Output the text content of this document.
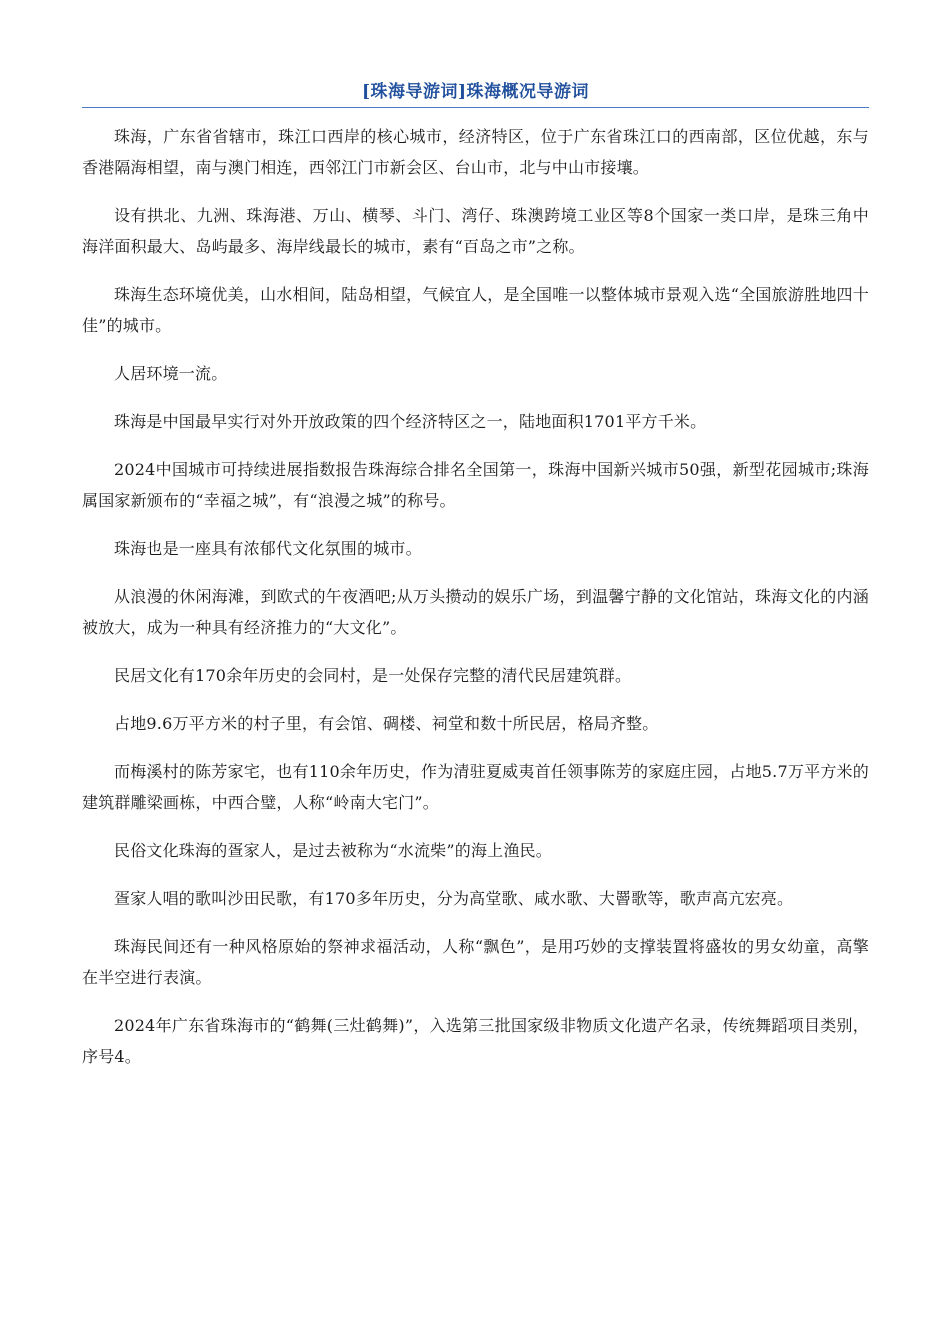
[珠海导游词]珠海概况导游词

珠海，广东省省辖市，珠江口西岸的核心城市，经济特区，位于广东省珠江口的西南部，区位优越，东与香港隔海相望，南与澳门相连，西邻江门市新会区、台山市，北与中山市接壤。

设有拱北、九洲、珠海港、万山、横琴、斗门、湾仔、珠澳跨境工业区等8个国家一类口岸，是珠三角中海洋面积最大、岛屿最多、海岸线最长的城市，素有“百岛之市”之称。

珠海生态环境优美，山水相间，陆岛相望，气候宜人，是全国唯一以整体城市景观入选“全国旅游胜地四十佳”的城市。

人居环境一流。

珠海是中国最早实行对外开放政策的四个经济特区之一，陆地面积1701平方千米。

2024中国城市可持续进展指数报告珠海综合排名全国第一，珠海中国新兴城市50强，新型花园城市;珠海属国家新颁布的“幸福之城”，有“浪漫之城”的称号。

珠海也是一座具有浓郁代文化氛围的城市。

从浪漫的休闲海滩，到欧式的午夜酒吧;从万头攒动的娱乐广场，到温馨宁静的文化馆站，珠海文化的内涵被放大，成为一种具有经济推力的“大文化”。

民居文化有170余年历史的会同村，是一处保存完整的清代民居建筑群。

占地9.6万平方米的村子里，有会馆、碉楼、祠堂和数十所民居，格局齐整。

而梅溪村的陈芳家宅，也有110余年历史，作为清驻夏威夷首任领事陈芳的家庭庄园，占地5.7万平方米的建筑群雕梁画栋，中西合璧，人称“岭南大宅门”。

民俗文化珠海的疍家人，是过去被称为“水流柴”的海上渔民。

疍家人唱的歌叫沙田民歌，有170多年历史，分为高堂歌、咸水歌、大罾歌等，歌声高亢宏亮。

珠海民间还有一种风格原始的祭神求福活动，人称“飘色”，是用巧妙的支撑装置将盛妆的男女幼童，高擎在半空进行表演。

2024年广东省珠海市的“鹤舞(三灶鹤舞)”，入选第三批国家级非物质文化遗产名录，传统舞蹈项目类别，序号4。
